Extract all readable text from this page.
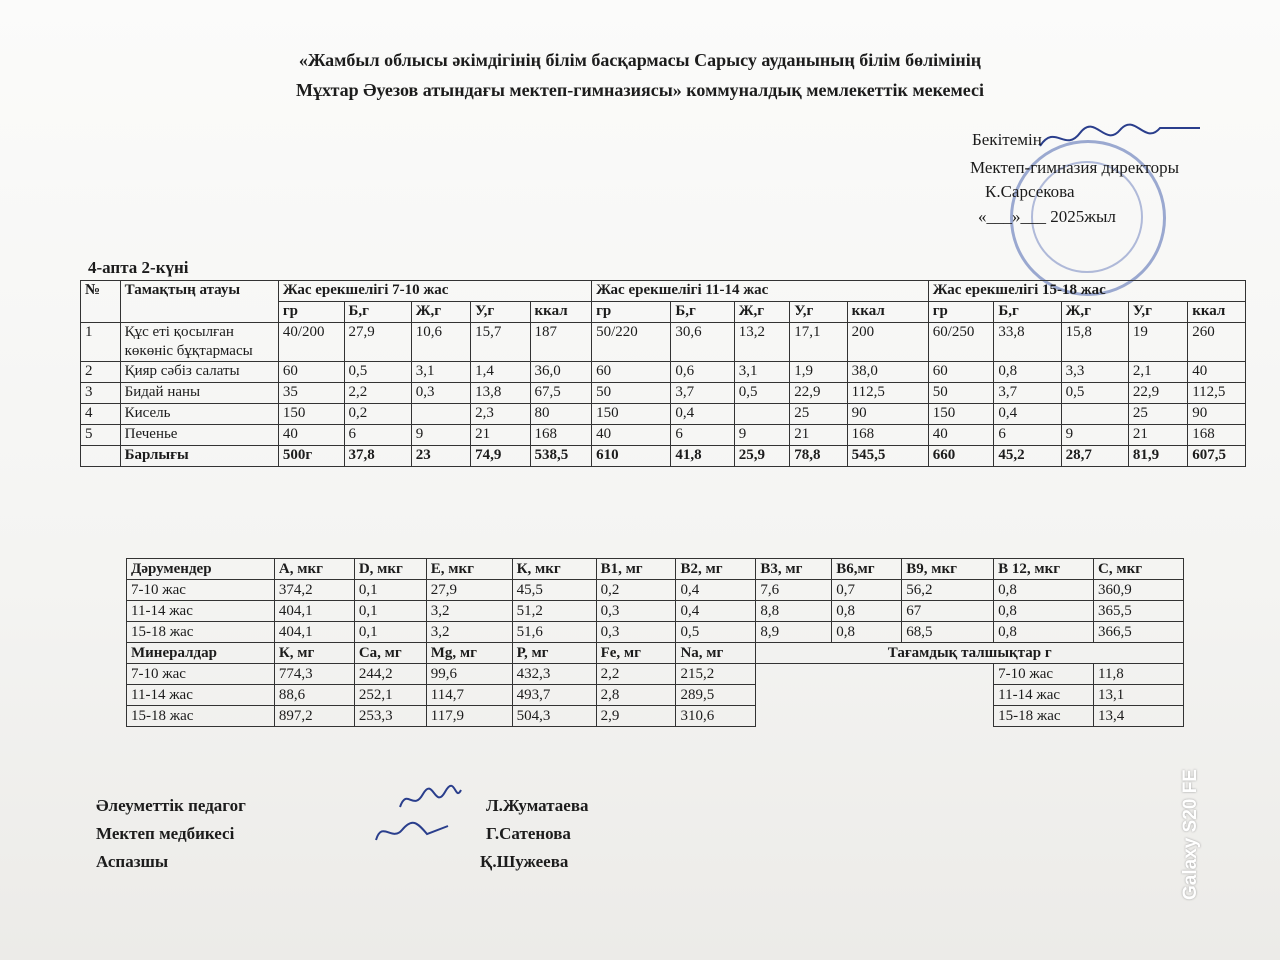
«Жамбыл облысы әкімдігінің білім басқармасы Сарысу ауданының білім бөлімінің
Мұхтар Әуезов атындағы мектеп-гимназиясы» коммуналдық мемлекеттік мекемесі
Бекітемін
Мектеп-гимназия директоры
К.Сарсекова
«___»___ 2025жыл
4-апта 2-күні
№	Тамақтың атауы	Жас ерекшелігі 7-10 жас					Жас ерекшелігі 11-14 жас					Жас ерекшелігі 15-18 жас				
		гр	Б,г	Ж,г	У,г	ккал	гр	Б,г	Ж,г	У,г	ккал	гр	Б,г	Ж,г	У,г	ккал
1	Құс еті қосылған көкөніс бұқтармасы	40/200	27,9	10,6	15,7	187	50/220	30,6	13,2	17,1	200	60/250	33,8	15,8	19	260
2	Қияр сәбіз салаты	60	0,5	3,1	1,4	36,0	60	0,6	3,1	1,9	38,0	60	0,8	3,3	2,1	40
3	Бидай наны	35	2,2	0,3	13,8	67,5	50	3,7	0,5	22,9	112,5	50	3,7	0,5	22,9	112,5
4	Кисель	150	0,2		2,3	80	150	0,4		25	90	150	0,4		25	90
5	Печенье	40	6	9	21	168	40	6	9	21	168	40	6	9	21	168
	Барлығы	500г	37,8	23	74,9	538,5	610	41,8	25,9	78,8	545,5	660	45,2	28,7	81,9	607,5
Дәрумендер	А, мкг	D, мкг	Е, мкг	К, мкг	В1, мг	В2, мг	В3, мг	В6,мг	В9, мкг	В 12, мкг	С, мкг
7-10 жас	374,2	0,1	27,9	45,5	0,2	0,4	7,6	0,7	56,2	0,8	360,9
11-14 жас	404,1	0,1	3,2	51,2	0,3	0,4	8,8	0,8	67	0,8	365,5
15-18 жас	404,1	0,1	3,2	51,6	0,3	0,5	8,9	0,8	68,5	0,8	366,5
Минералдар	К, мг	Са, мг	Mg, мг	Р, мг	Fe, мг	Na, мг	Тағамдық талшықтар г				
7-10 жас	774,3	244,2	99,6	432,3	2,2	215,2				7-10 жас	11,8
11-14 жас	88,6	252,1	114,7	493,7	2,8	289,5				11-14 жас	13,1
15-18 жас	897,2	253,3	117,9	504,3	2,9	310,6				15-18 жас	13,4
Әлеуметтік педагог	Л.Жуматаева
Мектеп медбикесі	Г.Сатенова
Аспазшы	Қ.Шужеева	Galaxy S20 FE
